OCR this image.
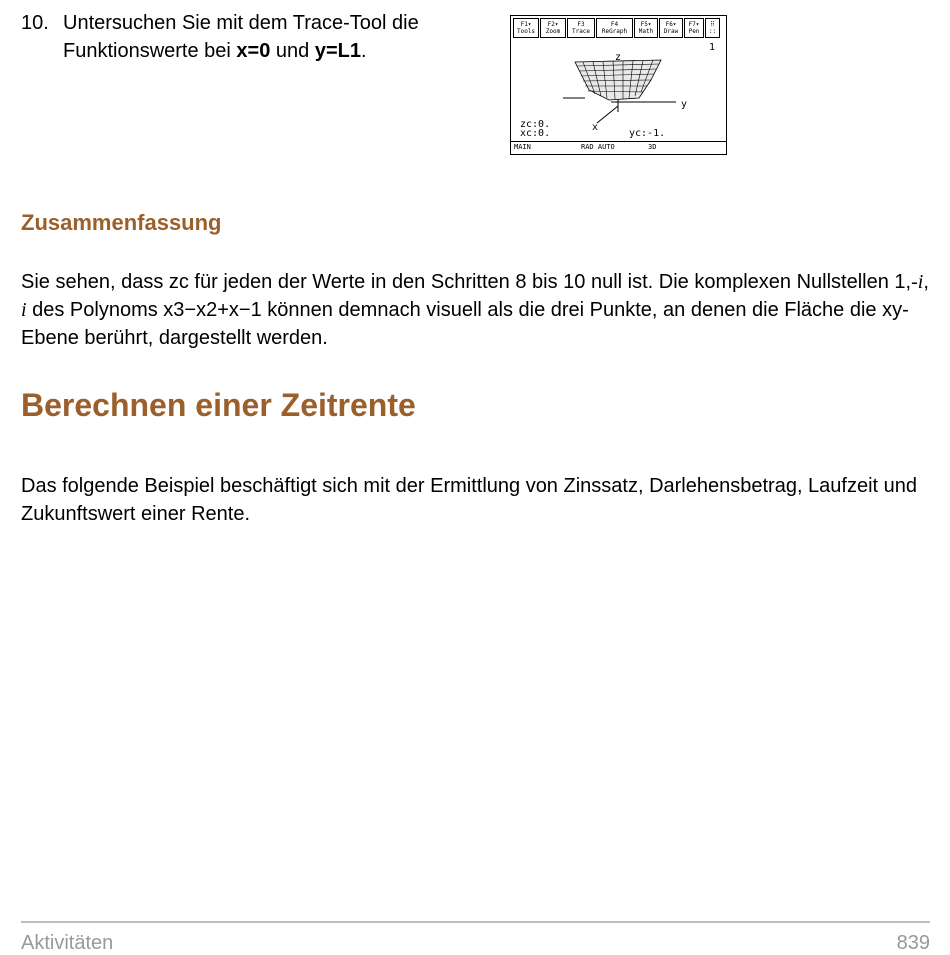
10. Untersuchen Sie mit dem Trace-Tool die Funktionswerte bei x=0 und y=L1.
F1▾
Tools
F2▾
Zoom
F3
Trace
F4
ReGraph
F5▾
Math
F6▾
Draw
F7▾
Pen
⠿
::
1
z
x
y
zc:0.
xc:0.	yc:-1.
MAIN	RAD AUTO	3D
Zusammenfassung

Sie sehen, dass zc für jeden der Werte in den Schritten 8 bis 10 null ist. Die komplexen Nullstellen 1,-i, i des Polynoms x3−x2+x−1 können demnach visuell als die drei Punkte, an denen die Fläche die xy-Ebene berührt, dargestellt werden.

Berechnen einer Zeitrente

Das folgende Beispiel beschäftigt sich mit der Ermittlung von Zinssatz, Darlehensbetrag, Laufzeit und Zukunftswert einer Rente.

Aktivitäten	839
